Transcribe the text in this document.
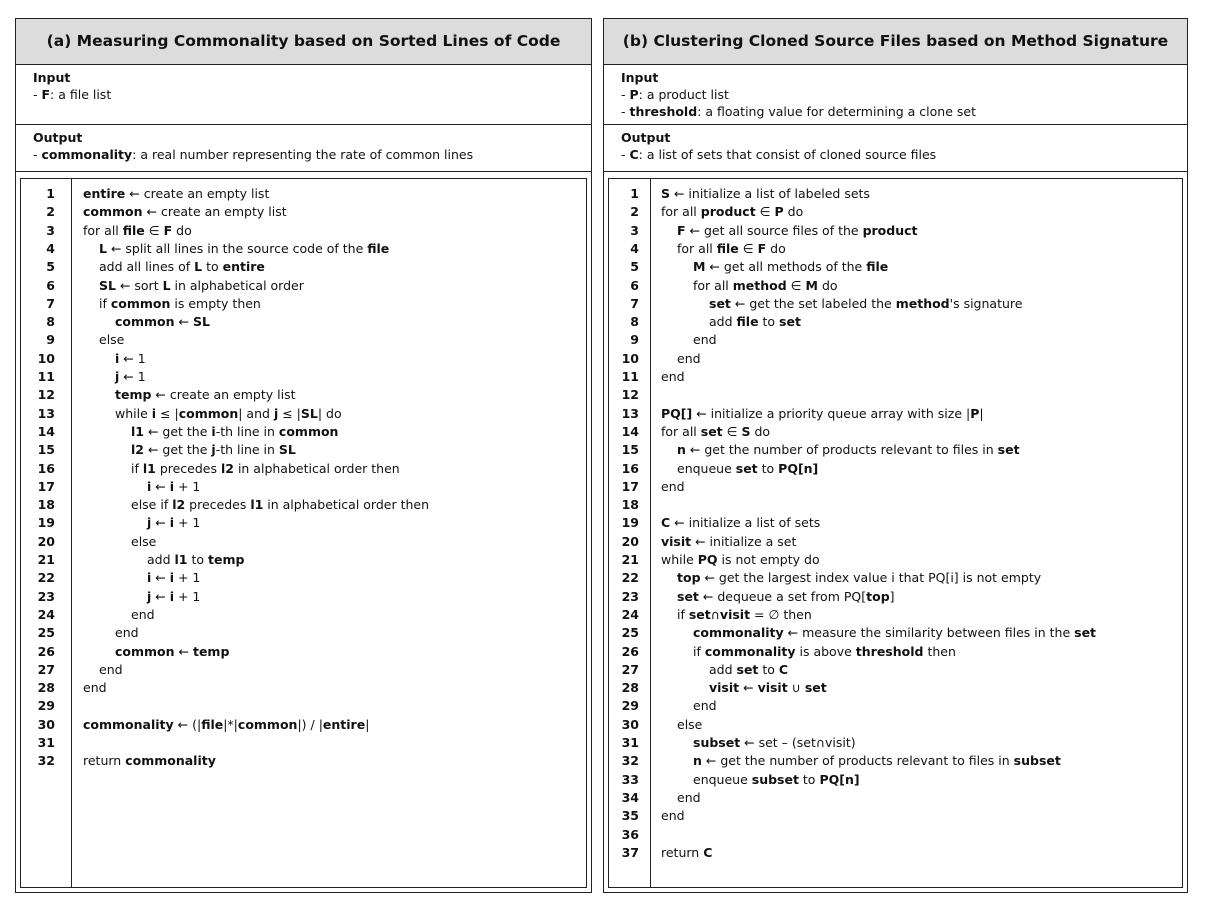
(a) Measuring Commonality based on Sorted Lines of Code
Input
- F: a file list
Output
- commonality: a real number representing the rate of common lines
1 entire ← create an empty list
2 common ← create an empty list
3 for all file ∈ F do
4	L ← split all lines in the source code of the file
5	add all lines of L to entire
6	SL ← sort L in alphabetical order
7	if common is empty then
8	common ← SL
9	else
10	i ← 1
11	j ← 1
12	temp ← create an empty list
13	while i ≤ |common| and j ≤ |SL| do
14	l1 ← get the i-th line in common
15	l2 ← get the j-th line in SL
16	if l1 precedes l2 in alphabetical order then
17	i ← i + 1
18	else if l2 precedes l1 in alphabetical order then
19	j ← i + 1
20	else
21	add l1 to temp
22	i ← i + 1
23	j ← i + 1
24	end
25	end
26	common ← temp
27	end
28 end
29
30 commonality ← (|file|*|common|) / |entire|
31
32 return commonality
(b) Clustering Cloned Source Files based on Method Signature
Input
- P: a product list
- threshold: a floating value for determining a clone set
Output
- C: a list of sets that consist of cloned source files
1 S ← initialize a list of labeled sets
2 for all product ∈ P do
3	F ← get all source files of the product
4	for all file ∈ F do
5	M ← get all methods of the file
6	for all method ∈ M do
7	set ← get the set labeled the method's signature
8	add file to set
9	end
10	end
11 end
12
13 PQ[] ← initialize a priority queue array with size |P|
14 for all set ∈ S do
15	n ← get the number of products relevant to files in set
16	enqueue set to PQ[n]
17 end
18
19 C ← initialize a list of sets
20 visit ← initialize a set
21 while PQ is not empty do
22	top ← get the largest index value i that PQ[i] is not empty
23	set ← dequeue a set from PQ[top]
24	if set∩visit = ∅ then
25	commonality ← measure the similarity between files in the set
26	if commonality is above threshold then
27	add set to C
28	visit ← visit ∪ set
29	end
30	else
31	subset ← set – (set∩visit)
32	n ← get the number of products relevant to files in subset
33	enqueue subset to PQ[n]
34	end
35 end
36
37 return C
